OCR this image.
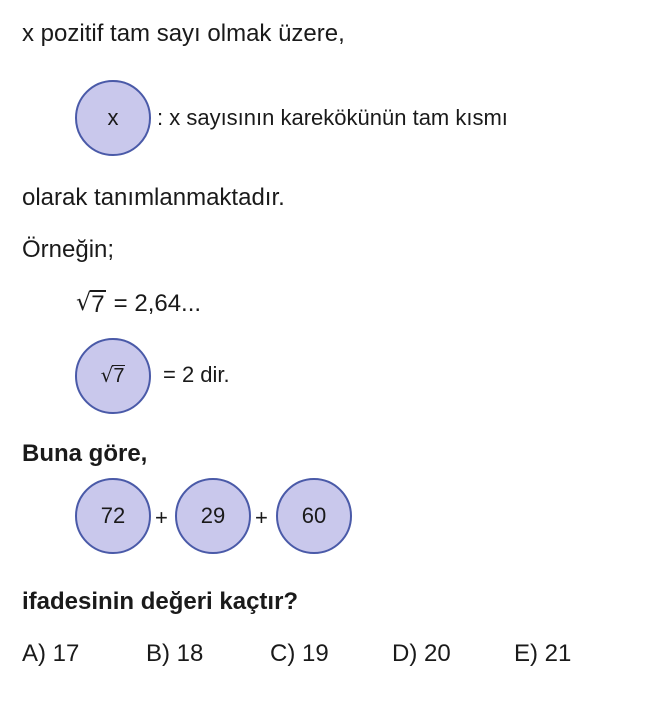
x pozitif tam sayı olmak üzere,
x : x sayısının karekökünün tam kısmı
olarak tanımlanmaktadır.
Örneğin;
√ 7 = 2,64...
√ 7 = 2 dir.
Buna göre,
72 + 29 + 60
ifadesinin değeri kaçtır?
A) 17	B) 18	C) 19	D) 20	E) 21
